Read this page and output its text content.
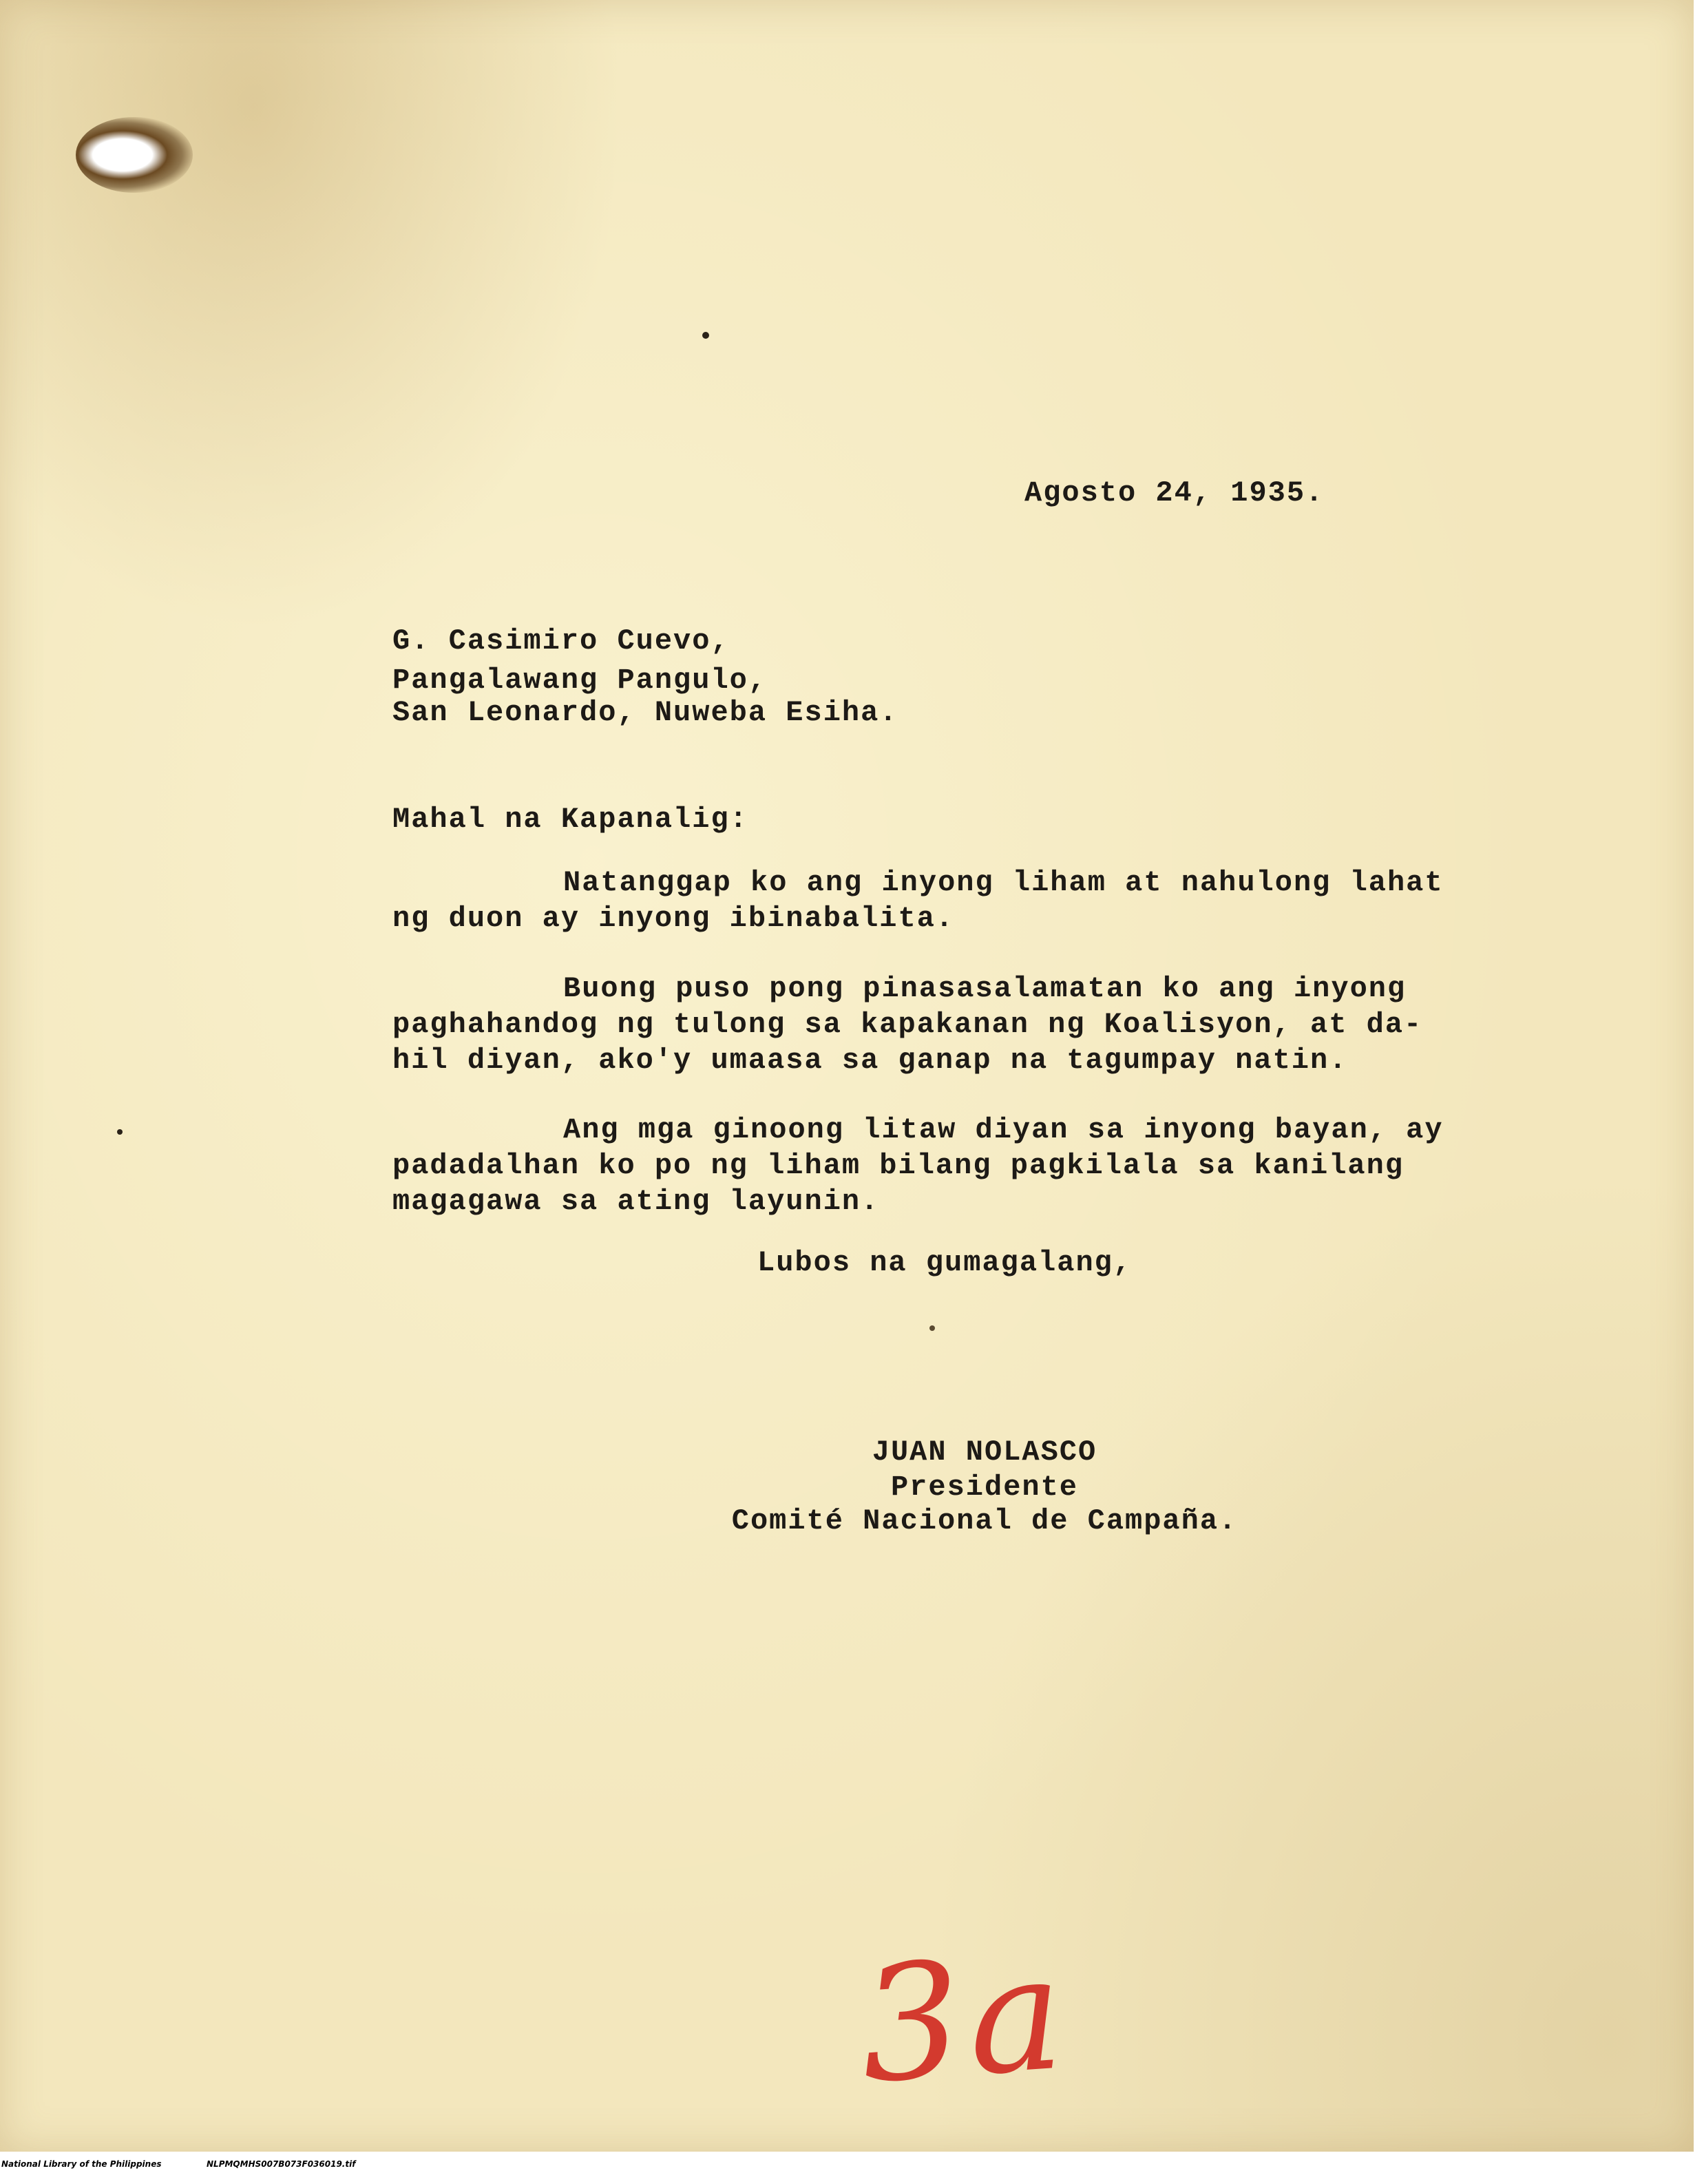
Agosto 24, 1935.
G. Casimiro Cuevo,
Pangalawang Pangulo,
San Leonardo, Nuweba Esiha.
Mahal na Kapanalig:
Natanggap ko ang inyong liham at nahulong lahat
ng duon ay inyong ibinabalita.
Buong puso pong pinasasalamatan ko ang inyong
paghahandog ng tulong sa kapakanan ng Koalisyon, at da-
hil diyan, ako'y umaasa sa ganap na tagumpay natin.
Ang mga ginoong litaw diyan sa inyong bayan, ay
padadalhan ko po ng liham bilang pagkilala sa kanilang
magagawa sa ating layunin.
Lubos na gumagalang,
JUAN NOLASCO
Presidente
Comité Nacional de Campaña.
3a

National Library of the Philippines

	NLPMQMHS007B073F036019.tif
